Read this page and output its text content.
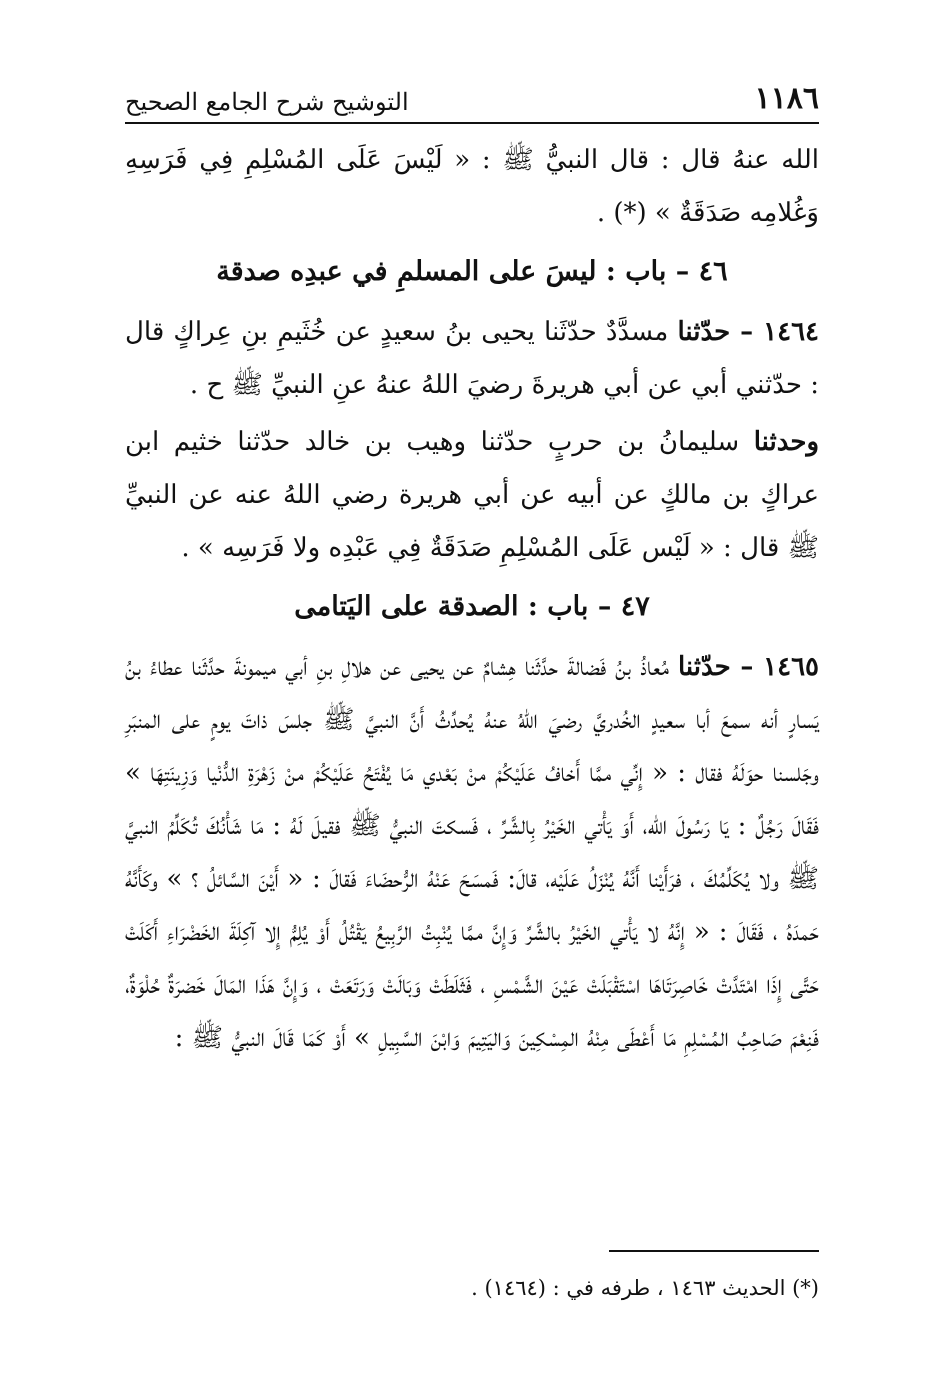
١١٨٦
التوشيح شرح الجامع الصحيح

الله عنهُ قال : قال النبيُّ ﷺ : « لَيْسَ عَلَى المُسْلِمِ فِي فَرَسِهِ وَغُلامِه صَدَقَةٌ » (*) .

٤٦ – باب : ليسَ على المسلمِ في عبدِه صدقة

١٤٦٤ – حدّثنا مسدَّدٌ حدّثَنا يحيى بنُ سعيدٍ عن خُثَيمِ بنِ عِراكٍ قال : حدّثني أبي عن أبي هريرةَ رضيَ اللهُ عنهُ عنِ النبيِّ ﷺ ح .

وحدثنا سليمانُ بن حربٍ حدّثنا وهيب بن خالد حدّثنا خثيم ابن عراكٍ بن مالكٍ عن أبيه عن أبي هريرة رضي اللهُ عنه عن النبيِّ ﷺ قال : « لَيْس عَلَى المُسْلِمِ صَدَقَةٌ فِي عَبْدِه ولا فَرَسِه » .

٤٧ – باب : الصدقة على اليَتامى

١٤٦٥ – حدّثنا مُعاذُ بنُ فَضالةَ حدَّثَنا هِشامٌ عن يحيى عن هلالِ بنِ أبي ميمونةَ حدَّثَنا عطاءُ بنُ يَسارٍ أنه سمعَ أبا سعيدٍ الخُدريَّ رضيَ اللهُ عنهُ يُحدِّثُ أَنَّ النبيَّ ﷺ جلسَ ذاتَ يومٍ على المنبَرِ وجَلسنا حوَلَهُ فقال : « إِنِّي ممَّا أَخافُ عَلَيْكُمْ منْ بَعْدي مَا يُفْتَحُ عَلَيْكُمْ منْ زَهْرَةِ الدُّنْيا وَزِينَتِهَا » فَقَالَ رَجُلٌ : يَا رَسُولَ الله، أَوَ يَأْتي الخَيْرُ بِالشَّرِّ ، فَسكتَ النبيُّ ﷺ فقيلَ لَهُ : مَا شَأْنُكَ تُكَلِّمُ النبيَّ ﷺ ولا يُكَلِّمُكَ ، فرَأَيْنا أَنَّهُ يُنْزَلُ عَلَيْه، قالَ: فَمسَحَ عَنْهُ الرُّحضَاءَ فَقالَ : « أَيْنَ السَّائلُ ؟ » وكَأَنَّهُ حَمدَهُ ، فَقَالَ : « إِنَّهُ لا يَأْتي الخَيْرُ بالشَّرِّ وَإِنَّ ممَّا يُنْبِتُ الرَّبِيعُ يَقْتُلُ أَوْ يُلِمُّ إِلا آكِلَةَ الخَضْرَاءِ أَكَلَتْ حَتَّى إِذَا امْتَدَّتْ خَاصِرَتَاهَا اسْتَقْبَلَتْ عَيْنَ الشَّمْسِ ، فَثَلَطَتْ وَبَالَتْ وَرَتَعَتْ ، وَإِنَّ هَذَا المَالَ خَضرَةٌ حُلْوَةٌ، فَنِعْمَ صَاحِبُ المُسْلِمِ مَا أَعْطَى مِنْهُ المِسْكِينَ وَاليَتِيمَ وَابْنَ السَّبِيلِ » أَوْ كَمَا قَالَ النبيُّ ﷺ :

(*) الحديث ١٤٦٣ ، طرفه في : (١٤٦٤) .
